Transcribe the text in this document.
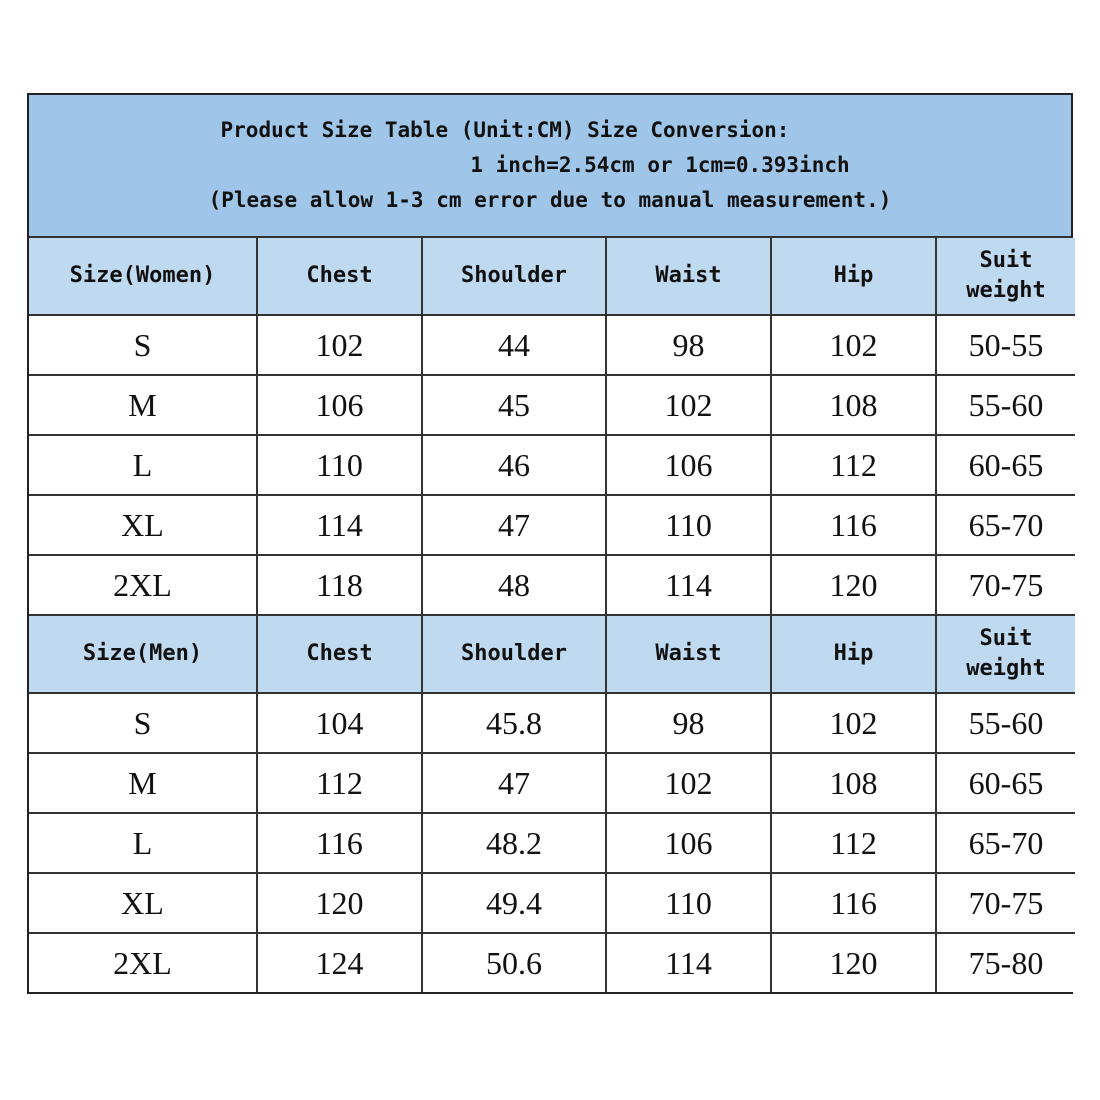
Product Size Table (Unit:CM) Size Conversion:
1 inch=2.54cm or 1cm=0.393inch
(Please allow 1-3 cm error due to manual measurement.)
Size(Women)	Chest	Shoulder	Waist	Hip	Suit weight
S	102	44	98	102	50-55
M	106	45	102	108	55-60
L	110	46	106	112	60-65
XL	114	47	110	116	65-70
2XL	118	48	114	120	70-75
Size(Men)	Chest	Shoulder	Waist	Hip	Suit weight
S	104	45.8	98	102	55-60
M	112	47	102	108	60-65
L	116	48.2	106	112	65-70
XL	120	49.4	110	116	70-75
2XL	124	50.6	114	120	75-80
